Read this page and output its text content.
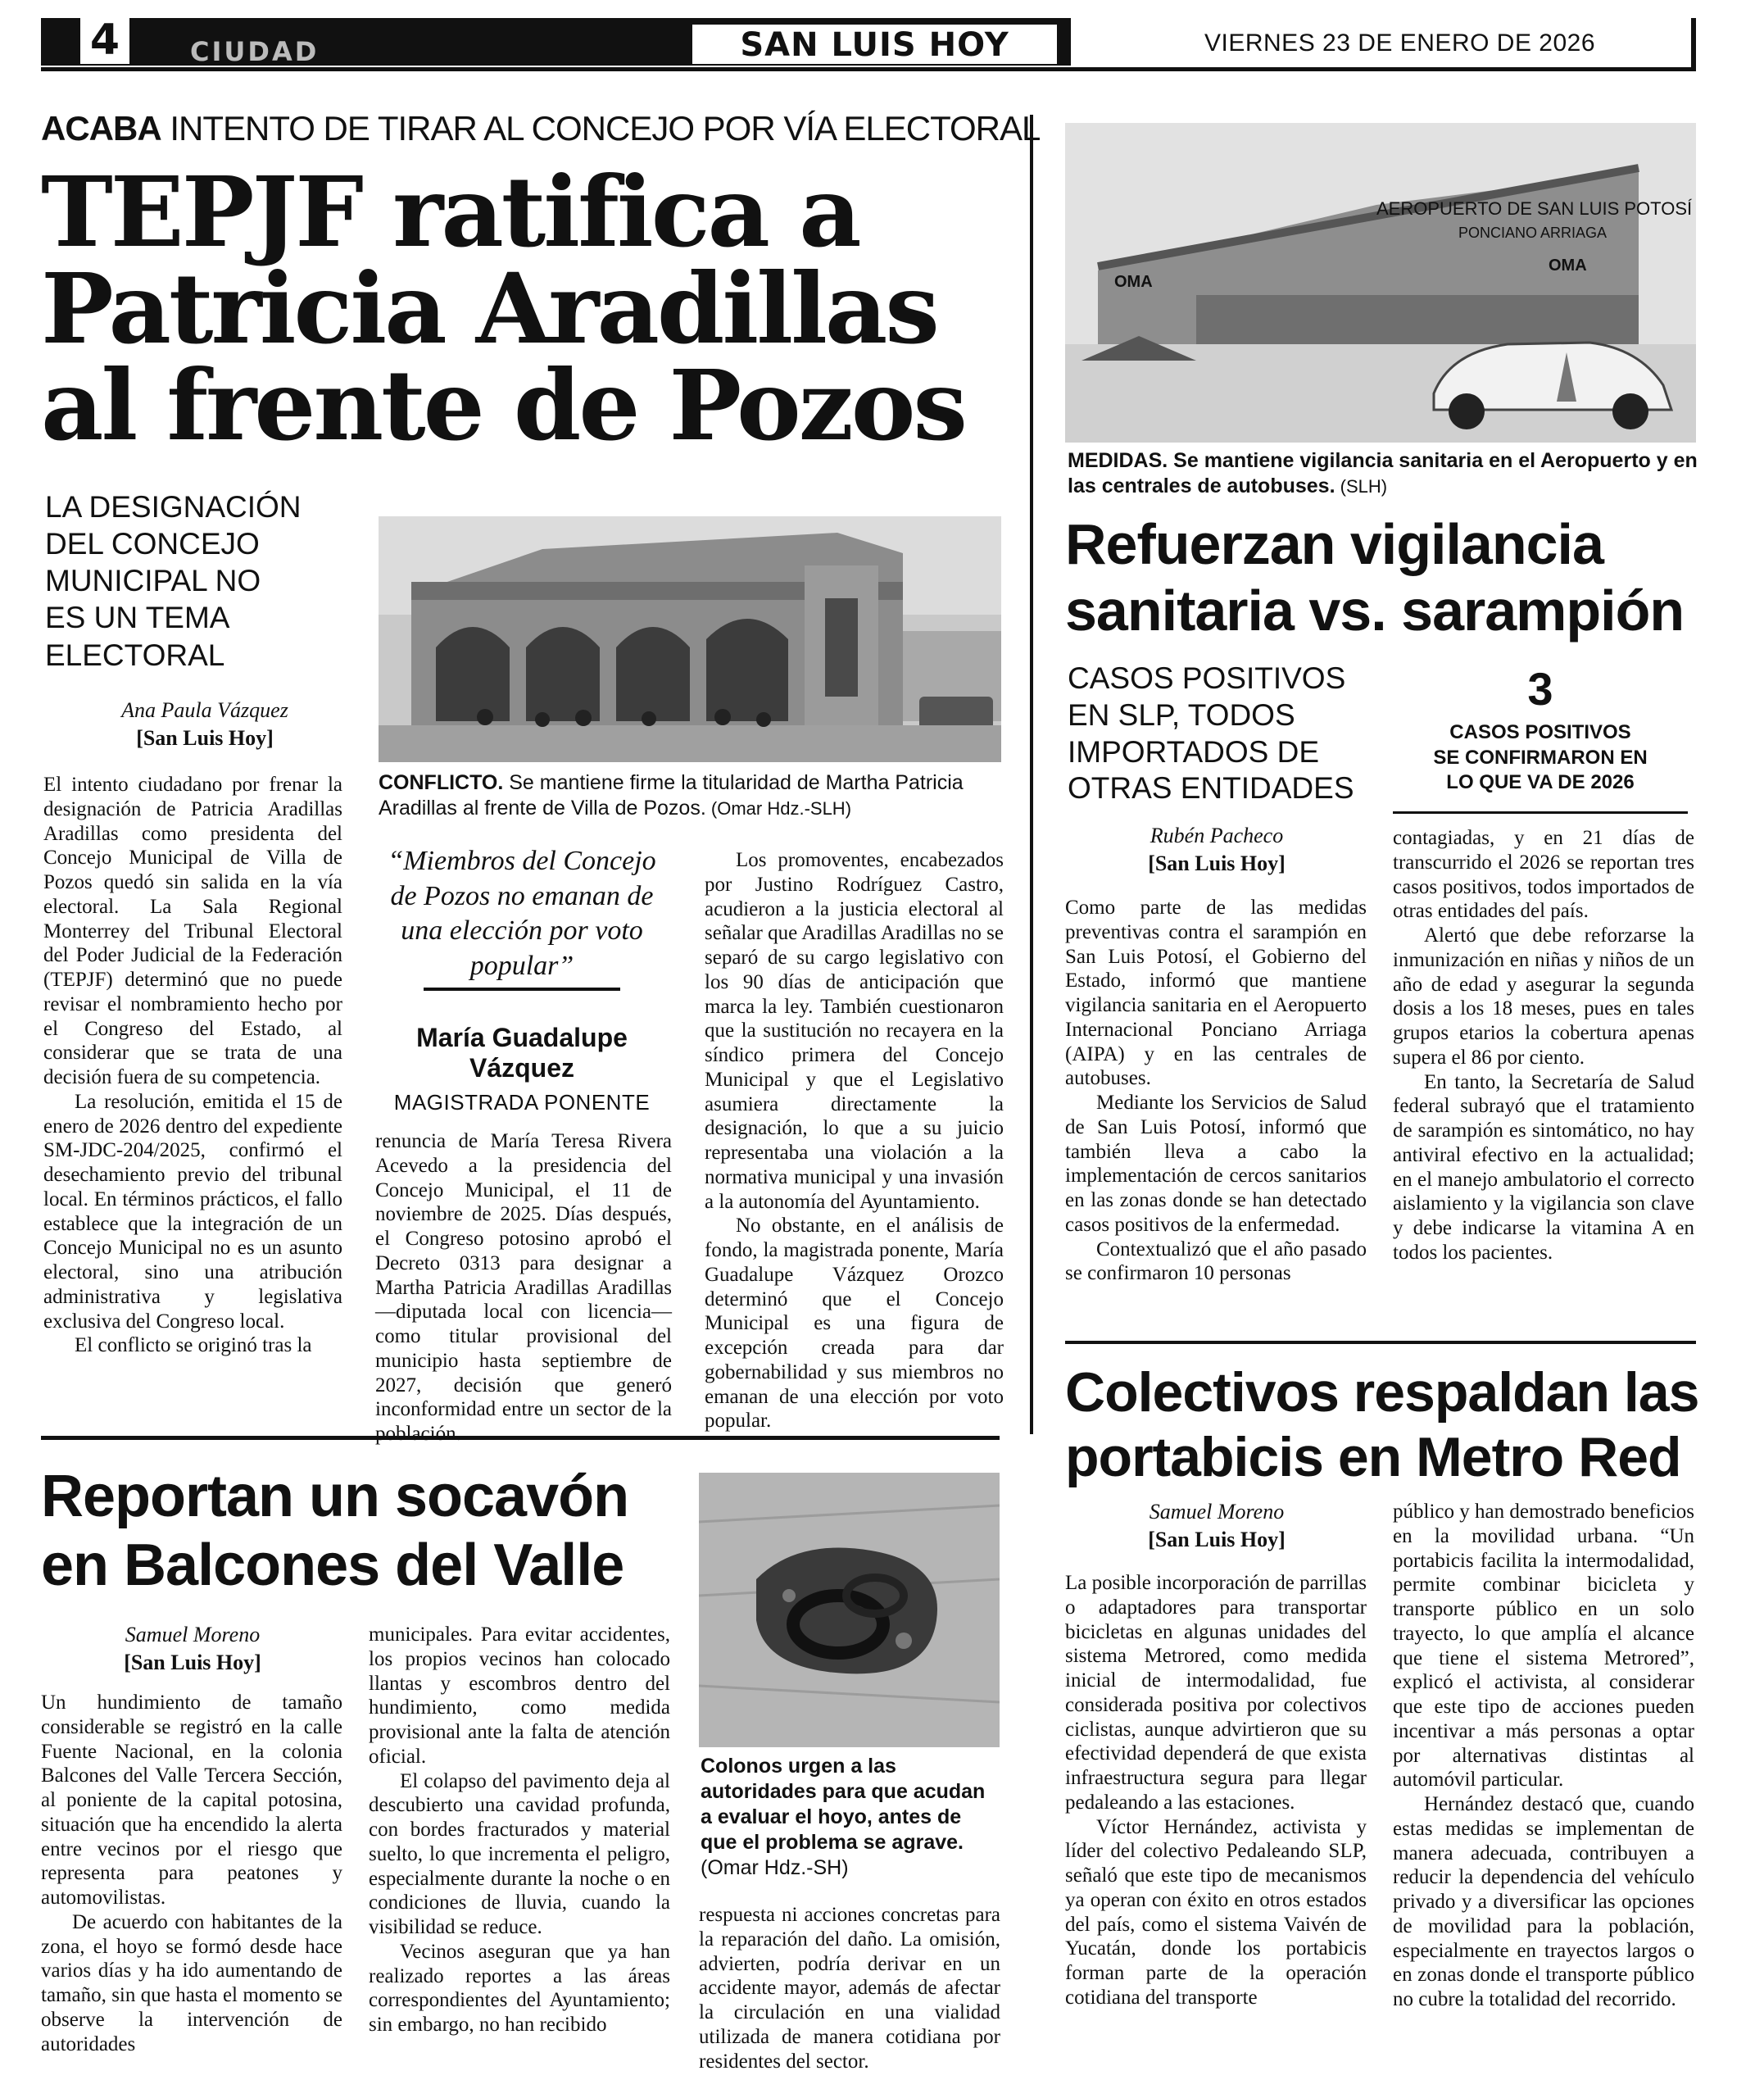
4	CIUDAD	SAN LUIS HOY	VIERNES 23 DE ENERO DE 2026
ACABA INTENTO DE TIRAR AL CONCEJO POR VÍA ELECTORAL
TEPJF ratifica a
Patricia Aradillas
al frente de Pozos
LA DESIGNACIÓN
DEL CONCEJO
MUNICIPAL NO
ES UN TEMA
ELECTORAL
Ana Paula Vázquez
[San Luis Hoy]
CONFLICTO. Se mantiene firme la titularidad de Martha Patricia Aradillas al frente de Villa de Pozos. (Omar Hdz.-SLH)
“Miembros del Concejo de Pozos no emanan de una elección por voto popular”
María Guadalupe Vázquez
MAGISTRADA PONENTE

El intento ciudadano por frenar la designación de Patricia Aradillas Aradillas como presidenta del Concejo Municipal de Villa de Pozos quedó sin salida en la vía electoral. La Sala Regional Monterrey del Tribunal Electoral del Poder Judicial de la Federación (TEPJF) determinó que no puede revisar el nombramiento hecho por el Congreso del Estado, al considerar que se trata de una decisión fuera de su competencia.

La resolución, emitida el 15 de enero de 2026 dentro del expediente SM-JDC-204/2025, confirmó el desechamiento previo del tribunal local. En términos prácticos, el fallo establece que la integración de un Concejo Municipal no es un asunto electoral, sino una atribución administrativa y legislativa exclusiva del Congreso local.

El conflicto se originó tras la

renuncia de María Teresa Rivera Acevedo a la presidencia del Concejo Municipal, el 11 de noviembre de 2025. Días después, el Congreso potosino aprobó el Decreto 0313 para designar a Martha Patricia Aradillas Aradillas —diputada local con licencia— como titular provisional del municipio hasta septiembre de 2027, decisión que generó inconformidad entre un sector de la población.

Los promoventes, encabezados por Justino Rodríguez Castro, acudieron a la justicia electoral al señalar que Aradillas Aradillas no se separó de su cargo legislativo con los 90 días de anticipación que marca la ley. También cuestionaron que la sustitución no recayera en la síndico primera del Concejo Municipal y que el Legislativo asumiera directamente la designación, lo que a su juicio representaba una violación a la normativa municipal y una invasión a la autonomía del Ayuntamiento.

No obstante, en el análisis de fondo, la magistrada ponente, María Guadalupe Vázquez Orozco determinó que el Concejo Municipal es una figura de excepción creada para dar gobernabilidad y sus miembros no emanan de una elección por voto popular.

Reportan un socavón
en Balcones del Valle
Samuel Moreno
[San Luis Hoy]

Un hundimiento de tamaño considerable se registró en la calle Fuente Nacional, en la colonia Balcones del Valle Tercera Sección, al poniente de la capital potosina, situación que ha encendido la alerta entre vecinos por el riesgo que representa para peatones y automovilistas.

De acuerdo con habitantes de la zona, el hoyo se formó desde hace varios días y ha ido aumentando de tamaño, sin que hasta el momento se observe la intervención de autoridades

municipales. Para evitar accidentes, los propios vecinos han colocado llantas y escombros dentro del hundimiento, como medida provisional ante la falta de atención oficial.

El colapso del pavimento deja al descubierto una cavidad profunda, con bordes fracturados y material suelto, lo que incrementa el peligro, especialmente durante la noche o en condiciones de lluvia, cuando la visibilidad se reduce.

Vecinos aseguran que ya han realizado reportes a las áreas correspondientes del Ayuntamiento; sin embargo, no han recibido

Colonos urgen a las autoridades para que acudan a evaluar el hoyo, antes de que el problema se agrave.
(Omar Hdz.-SH)

respuesta ni acciones concretas para la reparación del daño. La omisión, advierten, podría derivar en un accidente mayor, además de afectar la circulación en una vialidad utilizada de manera cotidiana por residentes del sector.

AEROPUERTO DE SAN LUIS POTOSÍ
PONCIANO ARRIAGA
OMA
OMA
MEDIDAS. Se mantiene vigilancia sanitaria en el Aeropuerto y en las centrales de autobuses. (SLH)
Refuerzan vigilancia
sanitaria vs. sarampión
CASOS POSITIVOS
EN SLP, TODOS
IMPORTADOS DE
OTRAS ENTIDADES
3
CASOS POSITIVOS
SE CONFIRMARON EN
LO QUE VA DE 2026
Rubén Pacheco
[San Luis Hoy]

Como parte de las medidas preventivas contra el sarampión en San Luis Potosí, el Gobierno del Estado, informó que mantiene vigilancia sanitaria en el Aeropuerto Internacional Ponciano Arriaga (AIPA) y en las centrales de autobuses.

Mediante los Servicios de Salud de San Luis Potosí, informó que también lleva a cabo la implementación de cercos sanitarios en las zonas donde se han detectado casos positivos de la enfermedad.

Contextualizó que el año pasado se confirmaron 10 personas

contagiadas, y en 21 días de transcurrido el 2026 se reportan tres casos positivos, todos importados de otras entidades del país.

Alertó que debe reforzarse la inmunización en niñas y niños de un año de edad y asegurar la segunda dosis a los 18 meses, pues en tales grupos etarios la cobertura apenas supera el 86 por ciento.

En tanto, la Secretaría de Salud federal subrayó que el tratamiento de sarampión es sintomático, no hay antiviral efectivo en la actualidad; en el manejo ambulatorio el correcto aislamiento y la vigilancia son clave y debe indicarse la vitamina A en todos los pacientes.

Colectivos respaldan las
portabicis en Metro Red
Samuel Moreno
[San Luis Hoy]

La posible incorporación de parrillas o adaptadores para transportar bicicletas en algunas unidades del sistema Metrored, como medida inicial de intermodalidad, fue considerada positiva por colectivos ciclistas, aunque advirtieron que su efectividad dependerá de que exista infraestructura segura para llegar pedaleando a las estaciones.

Víctor Hernández, activista y líder del colectivo Pedaleando SLP, señaló que este tipo de mecanismos ya operan con éxito en otros estados del país, como el sistema Vaivén de Yucatán, donde los portabicis forman parte de la operación cotidiana del transporte

público y han demostrado beneficios en la movilidad urbana. “Un portabicis facilita la intermodalidad, permite combinar bicicleta y transporte público en un solo trayecto, lo que amplía el alcance que tiene el sistema Metrored”, explicó el activista, al considerar que este tipo de acciones pueden incentivar a más personas a optar por alternativas distintas al automóvil particular.

Hernández destacó que, cuando estas medidas se implementan de manera adecuada, contribuyen a reducir la dependencia del vehículo privado y a diversificar las opciones de movilidad para la población, especialmente en trayectos largos o en zonas donde el transporte público no cubre la totalidad del recorrido.
